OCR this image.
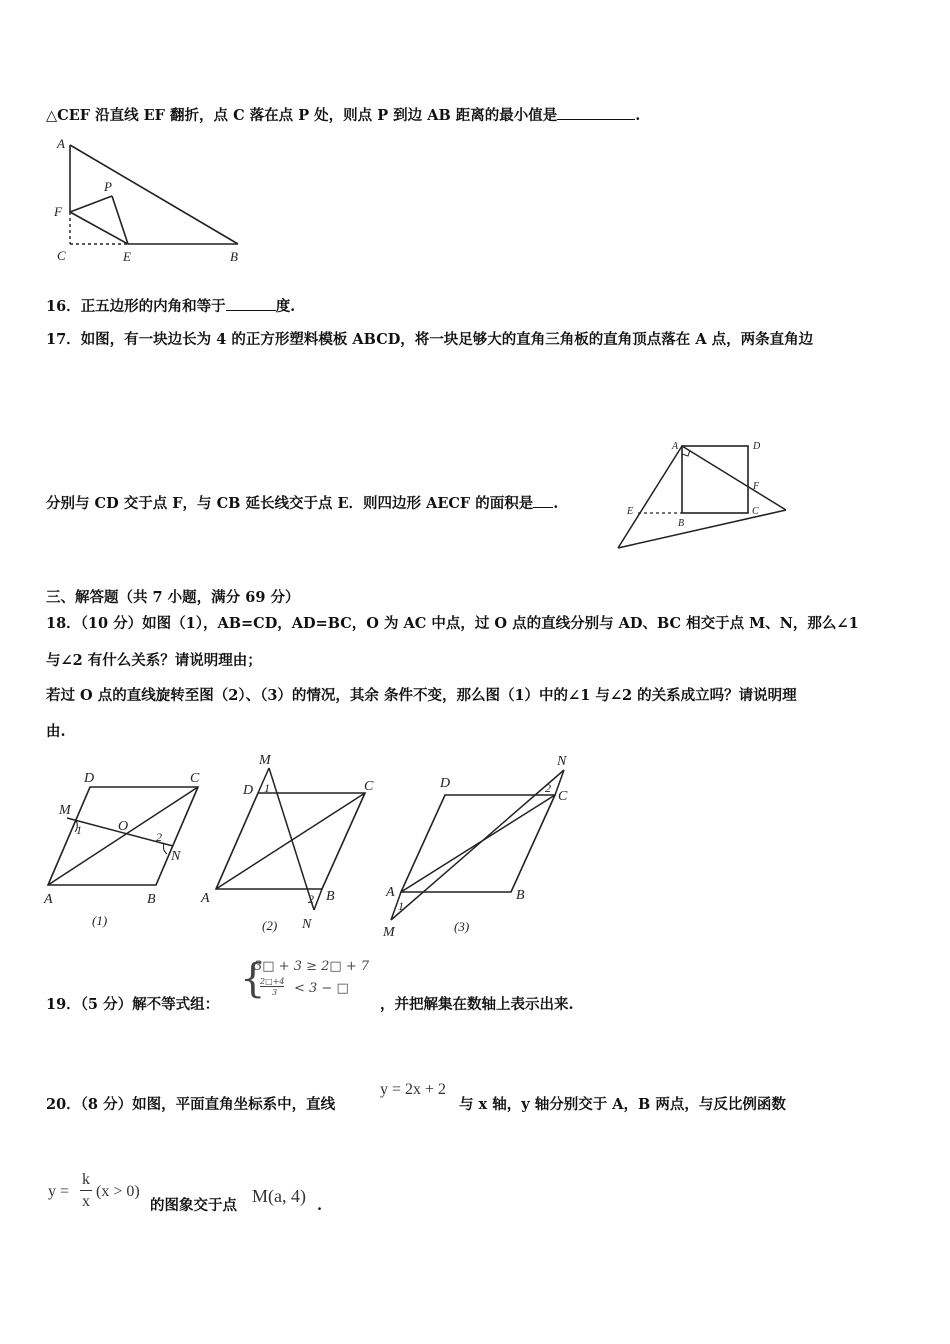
△CEF 沿直线 EF 翻折，点 C 落在点 P 处，则点 P 到边 AB 距离的最小值是	.
A
P
F
C	E	B
16．正五边形的内角和等于	度.
17．如图，有一块边长为 4 的正方形塑料模板 ABCD，将一块足够大的直角三角板的直角顶点落在 A 点，两条直角边
分别与 CD 交于点 F，与 CB 延长线交于点 E．则四边形 AECF 的面积是 .
A	D
F
E
B
C
三、解答题（共 7 小题，满分 69 分）
18．（10 分）如图（1），AB=CD，AD=BC，O 为 AC 中点，过 O 点的直线分别与 AD、BC 相交于点 M、N，那么∠1
与∠2 有什么关系？请说明理由；
若过 O 点的直线旋转至图（2）、（3）的情况，其余 条件不变，那么图（1）中的∠1 与∠2 的关系成立吗？请说明理
由.
D	C
M
O
1	2
N
A	B
(1)
M
D 1	C
A	2 B
N
(2)
N
D	2
C
A
1
B
M	(3)
19．（5 分）解不等式组：
{
3□ + 3 ≥ 2□ + 7
2□+4
3 < 3 − □
，并把解集在数轴上表示出来.
20．（8 分）如图，平面直角坐标系中，直线
y = 2x + 2
与 x 轴，y 轴分别交于 A，B 两点，与反比例函数
y =
k
x
(x > 0)
的图象交于点 M(a, 4) .
